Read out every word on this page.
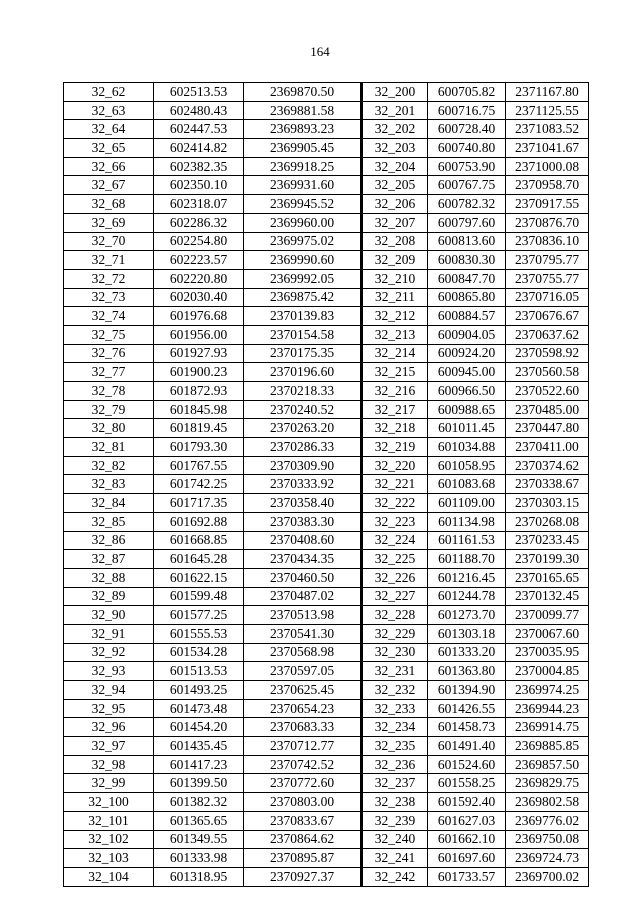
164
32_62	602513.53	2369870.50	32_200	600705.82	2371167.80
32_63	602480.43	2369881.58	32_201	600716.75	2371125.55
32_64	602447.53	2369893.23	32_202	600728.40	2371083.52
32_65	602414.82	2369905.45	32_203	600740.80	2371041.67
32_66	602382.35	2369918.25	32_204	600753.90	2371000.08
32_67	602350.10	2369931.60	32_205	600767.75	2370958.70
32_68	602318.07	2369945.52	32_206	600782.32	2370917.55
32_69	602286.32	2369960.00	32_207	600797.60	2370876.70
32_70	602254.80	2369975.02	32_208	600813.60	2370836.10
32_71	602223.57	2369990.60	32_209	600830.30	2370795.77
32_72	602220.80	2369992.05	32_210	600847.70	2370755.77
32_73	602030.40	2369875.42	32_211	600865.80	2370716.05
32_74	601976.68	2370139.83	32_212	600884.57	2370676.67
32_75	601956.00	2370154.58	32_213	600904.05	2370637.62
32_76	601927.93	2370175.35	32_214	600924.20	2370598.92
32_77	601900.23	2370196.60	32_215	600945.00	2370560.58
32_78	601872.93	2370218.33	32_216	600966.50	2370522.60
32_79	601845.98	2370240.52	32_217	600988.65	2370485.00
32_80	601819.45	2370263.20	32_218	601011.45	2370447.80
32_81	601793.30	2370286.33	32_219	601034.88	2370411.00
32_82	601767.55	2370309.90	32_220	601058.95	2370374.62
32_83	601742.25	2370333.92	32_221	601083.68	2370338.67
32_84	601717.35	2370358.40	32_222	601109.00	2370303.15
32_85	601692.88	2370383.30	32_223	601134.98	2370268.08
32_86	601668.85	2370408.60	32_224	601161.53	2370233.45
32_87	601645.28	2370434.35	32_225	601188.70	2370199.30
32_88	601622.15	2370460.50	32_226	601216.45	2370165.65
32_89	601599.48	2370487.02	32_227	601244.78	2370132.45
32_90	601577.25	2370513.98	32_228	601273.70	2370099.77
32_91	601555.53	2370541.30	32_229	601303.18	2370067.60
32_92	601534.28	2370568.98	32_230	601333.20	2370035.95
32_93	601513.53	2370597.05	32_231	601363.80	2370004.85
32_94	601493.25	2370625.45	32_232	601394.90	2369974.25
32_95	601473.48	2370654.23	32_233	601426.55	2369944.23
32_96	601454.20	2370683.33	32_234	601458.73	2369914.75
32_97	601435.45	2370712.77	32_235	601491.40	2369885.85
32_98	601417.23	2370742.52	32_236	601524.60	2369857.50
32_99	601399.50	2370772.60	32_237	601558.25	2369829.75
32_100	601382.32	2370803.00	32_238	601592.40	2369802.58
32_101	601365.65	2370833.67	32_239	601627.03	2369776.02
32_102	601349.55	2370864.62	32_240	601662.10	2369750.08
32_103	601333.98	2370895.87	32_241	601697.60	2369724.73
32_104	601318.95	2370927.37	32_242	601733.57	2369700.02
